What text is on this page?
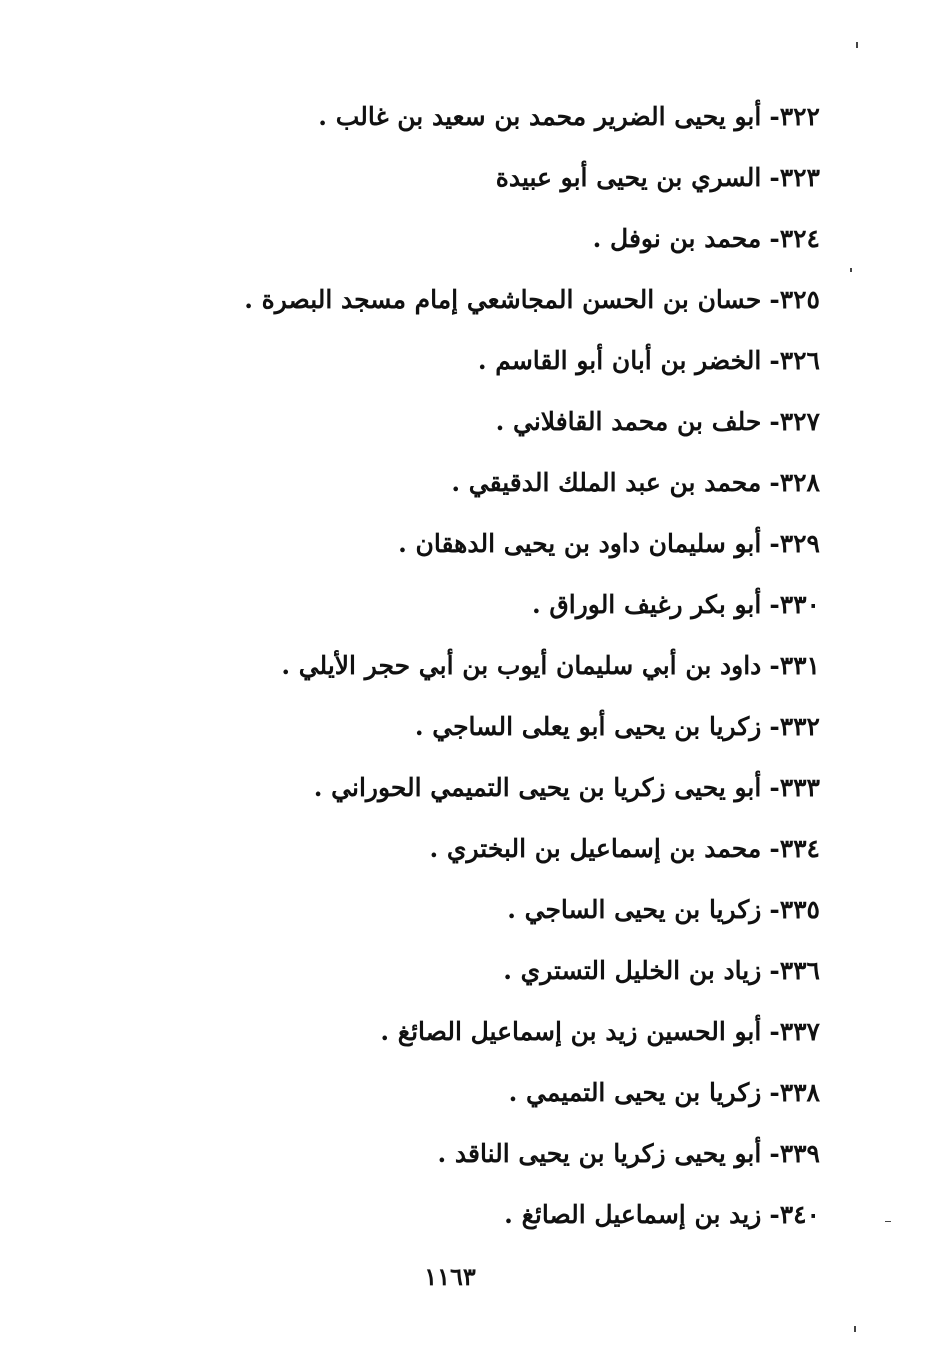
٣٢٢-أبو يحيى الضرير محمد بن سعيد بن غالب .
٣٢٣-السري بن يحيى أبو عبيدة
٣٢٤-محمد بن نوفل .
٣٢٥-حسان بن الحسن المجاشعي إمام مسجد البصرة .
٣٢٦-الخضر بن أبان أبو القاسم .
٣٢٧-حلف بن محمد القافلاني .
٣٢٨-محمد بن عبد الملك الدقيقي .
٣٢٩-أبو سليمان داود بن يحيى الدهقان .
٣٣٠-أبو بكر رغيف الوراق .
٣٣١-داود بن أبي سليمان أيوب بن أبي حجر الأيلي .
٣٣٢-زكريا بن يحيى أبو يعلى الساجي .
٣٣٣-أبو يحيى زكريا بن يحيى التميمي الحوراني .
٣٣٤-محمد بن إسماعيل بن البختري .
٣٣٥-زكريا بن يحيى الساجي .
٣٣٦-زياد بن الخليل التستري .
٣٣٧-أبو الحسين زيد بن إسماعيل الصائغ .
٣٣٨-زكريا بن يحيى التميمي .
٣٣٩-أبو يحيى زكريا بن يحيى الناقد .
٣٤٠-زيد بن إسماعيل الصائغ .
١١٦٣
